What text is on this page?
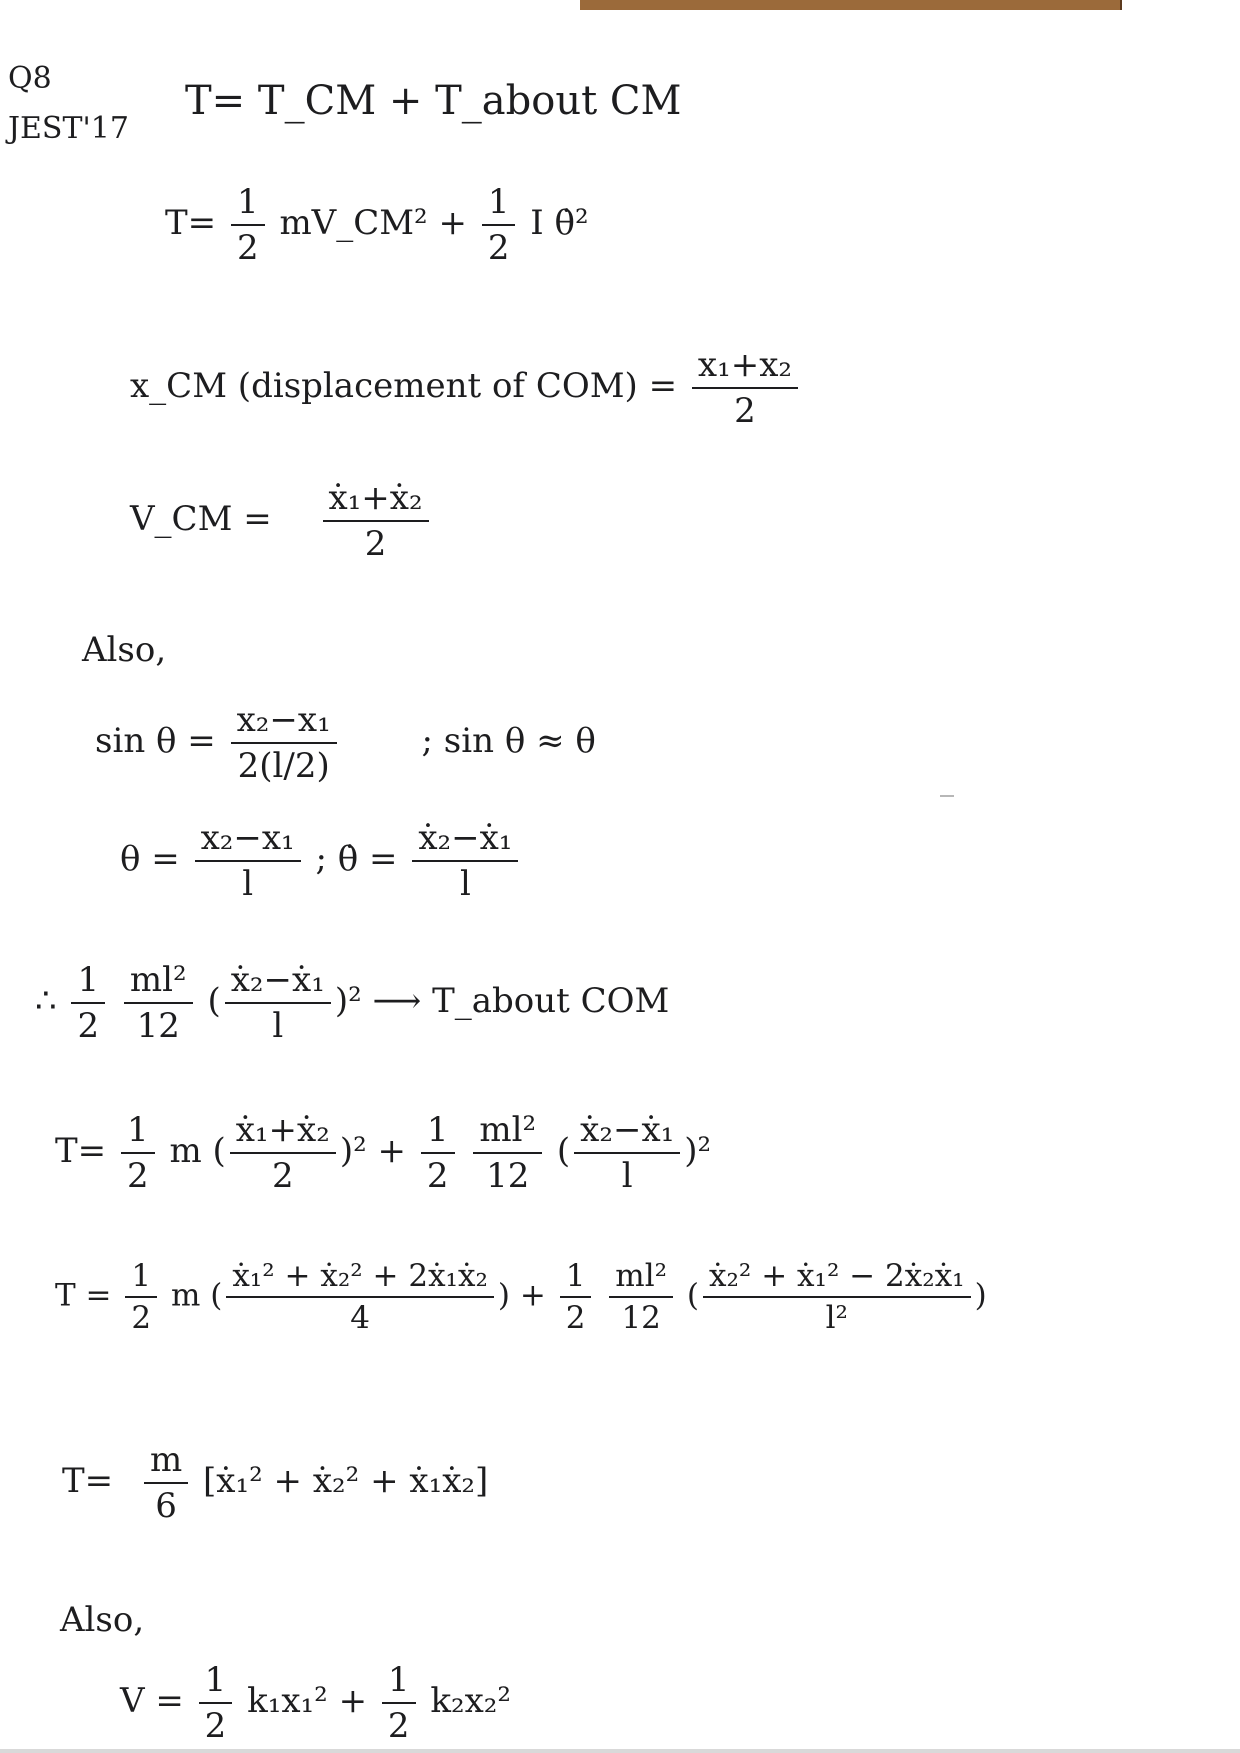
Q8
JEST'17
T= T_CM + T_about CM
$T= \frac{1}{2}$ mV_CM² + $\frac{1}{2}$ I θ̇²
x_CM (displacement of $COM) = \frac{\text{x₁+x₂}}{2}$
V_CM = $\frac{\text{ẋ₁+ẋ₂}}{2}$
Also,
$\sin \theta = \frac{\text{x₂−x₁}}{2(l/2)}$ ; sin θ ≈ θ
$\theta = \frac{\text{x₂−x₁}}{l}$ ; θ̇ = $\frac{\text{ẋ₂−ẋ₁}}{l}$
∴ $\frac{1}{2}$
$\frac{\text{ml²}}{12}$ ( $\frac{\text{ẋ₂−ẋ₁}}{l} )^2$ ⟶ T_about COM
$T= \frac{1}{2}$ m ( $\frac{\text{ẋ₁+ẋ₂}}{2} )^2 + \frac{1}{2}$
$\frac{\text{ml²}}{12}$ ( $\frac{\text{ẋ₂−ẋ₁}}{l} )^2$
$T = \frac{1}{2}$ m ( $\frac{\text{ẋ₁² + ẋ₂² + 2ẋ₁ẋ₂}}{4}$ ) + $\frac{1}{2}$
$\frac{\text{ml²}}{12}$ ( $\frac{\text{ẋ₂² + ẋ₁² − 2ẋ₂ẋ₁}}{\text{l²}}$ )
$T= \frac{m}{6}$ [ẋ₁² + ẋ₂² + ẋ₁ẋ₂]
Also,
$V = \frac{1}{2} k_1x_1^2 + \frac{1}{2} k_2x_2^2$
